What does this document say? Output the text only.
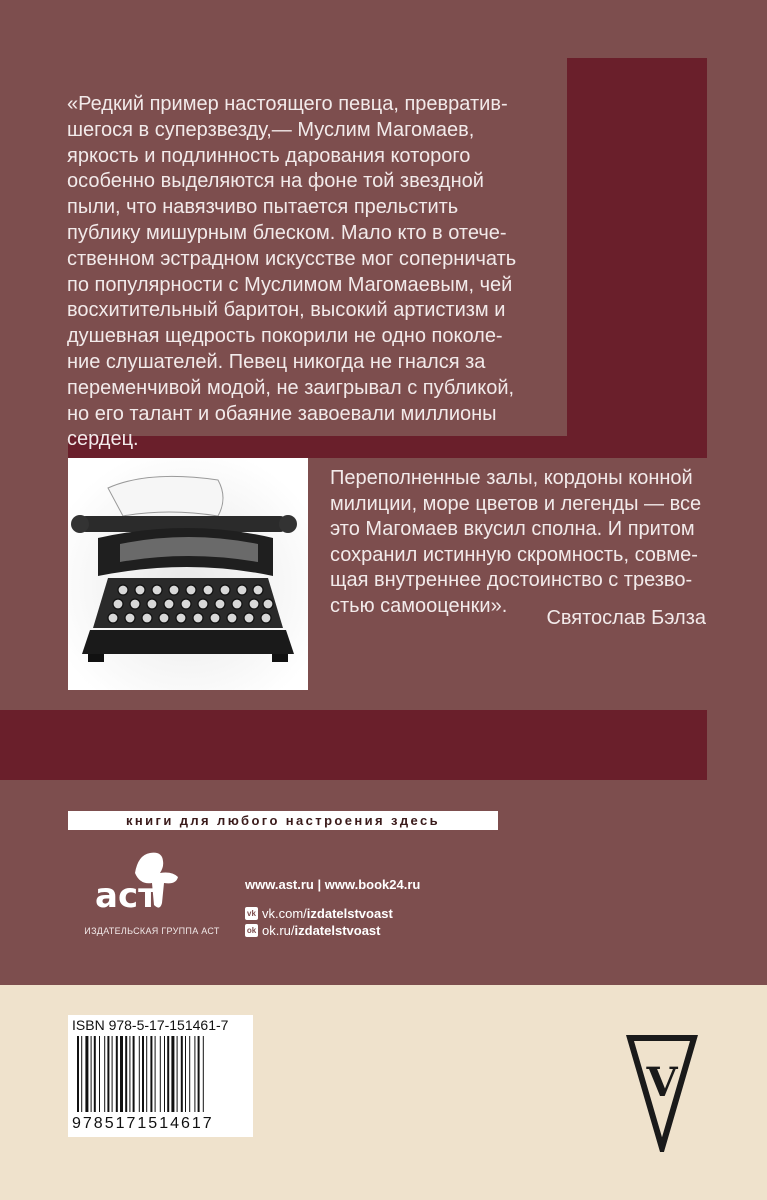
«Редкий пример настоящего певца, превратив-

шегося в суперзвезду,— Муслим Магомаев,

яркость и подлинность дарования которого

особенно выделяются на фоне той звездной

пыли, что навязчиво пытается прельстить

публику мишурным блеском. Мало кто в отече-

ственном эстрадном искусстве мог соперничать

по популярности с Муслимом Магомаевым, чей

восхитительный баритон, высокий артистизм и

душевная щедрость покорили не одно поколе-

ние слушателей. Певец никогда не гнался за

переменчивой модой, не заигрывал с публикой,

но его талант и обаяние завоевали миллионы

сердец.

Переполненные залы, кордоны конной

милиции, море цветов и легенды — все

это Магомаев вкусил сполна. И притом

сохранил истинную скромность, совме-

щая внутреннее достоинство с трезво-

стью самооценки».

Святослав Бэлза
книги для любого настроения здесь
аст
ИЗДАТЕЛЬСКАЯ ГРУППА АСТ
www.ast.ru | www.book24.ru
vk vk.com/ izdatelstvoast
ok ok.ru/ izdatelstvoast
ISBN 978-5-17-151461-7
9785171514617
V
